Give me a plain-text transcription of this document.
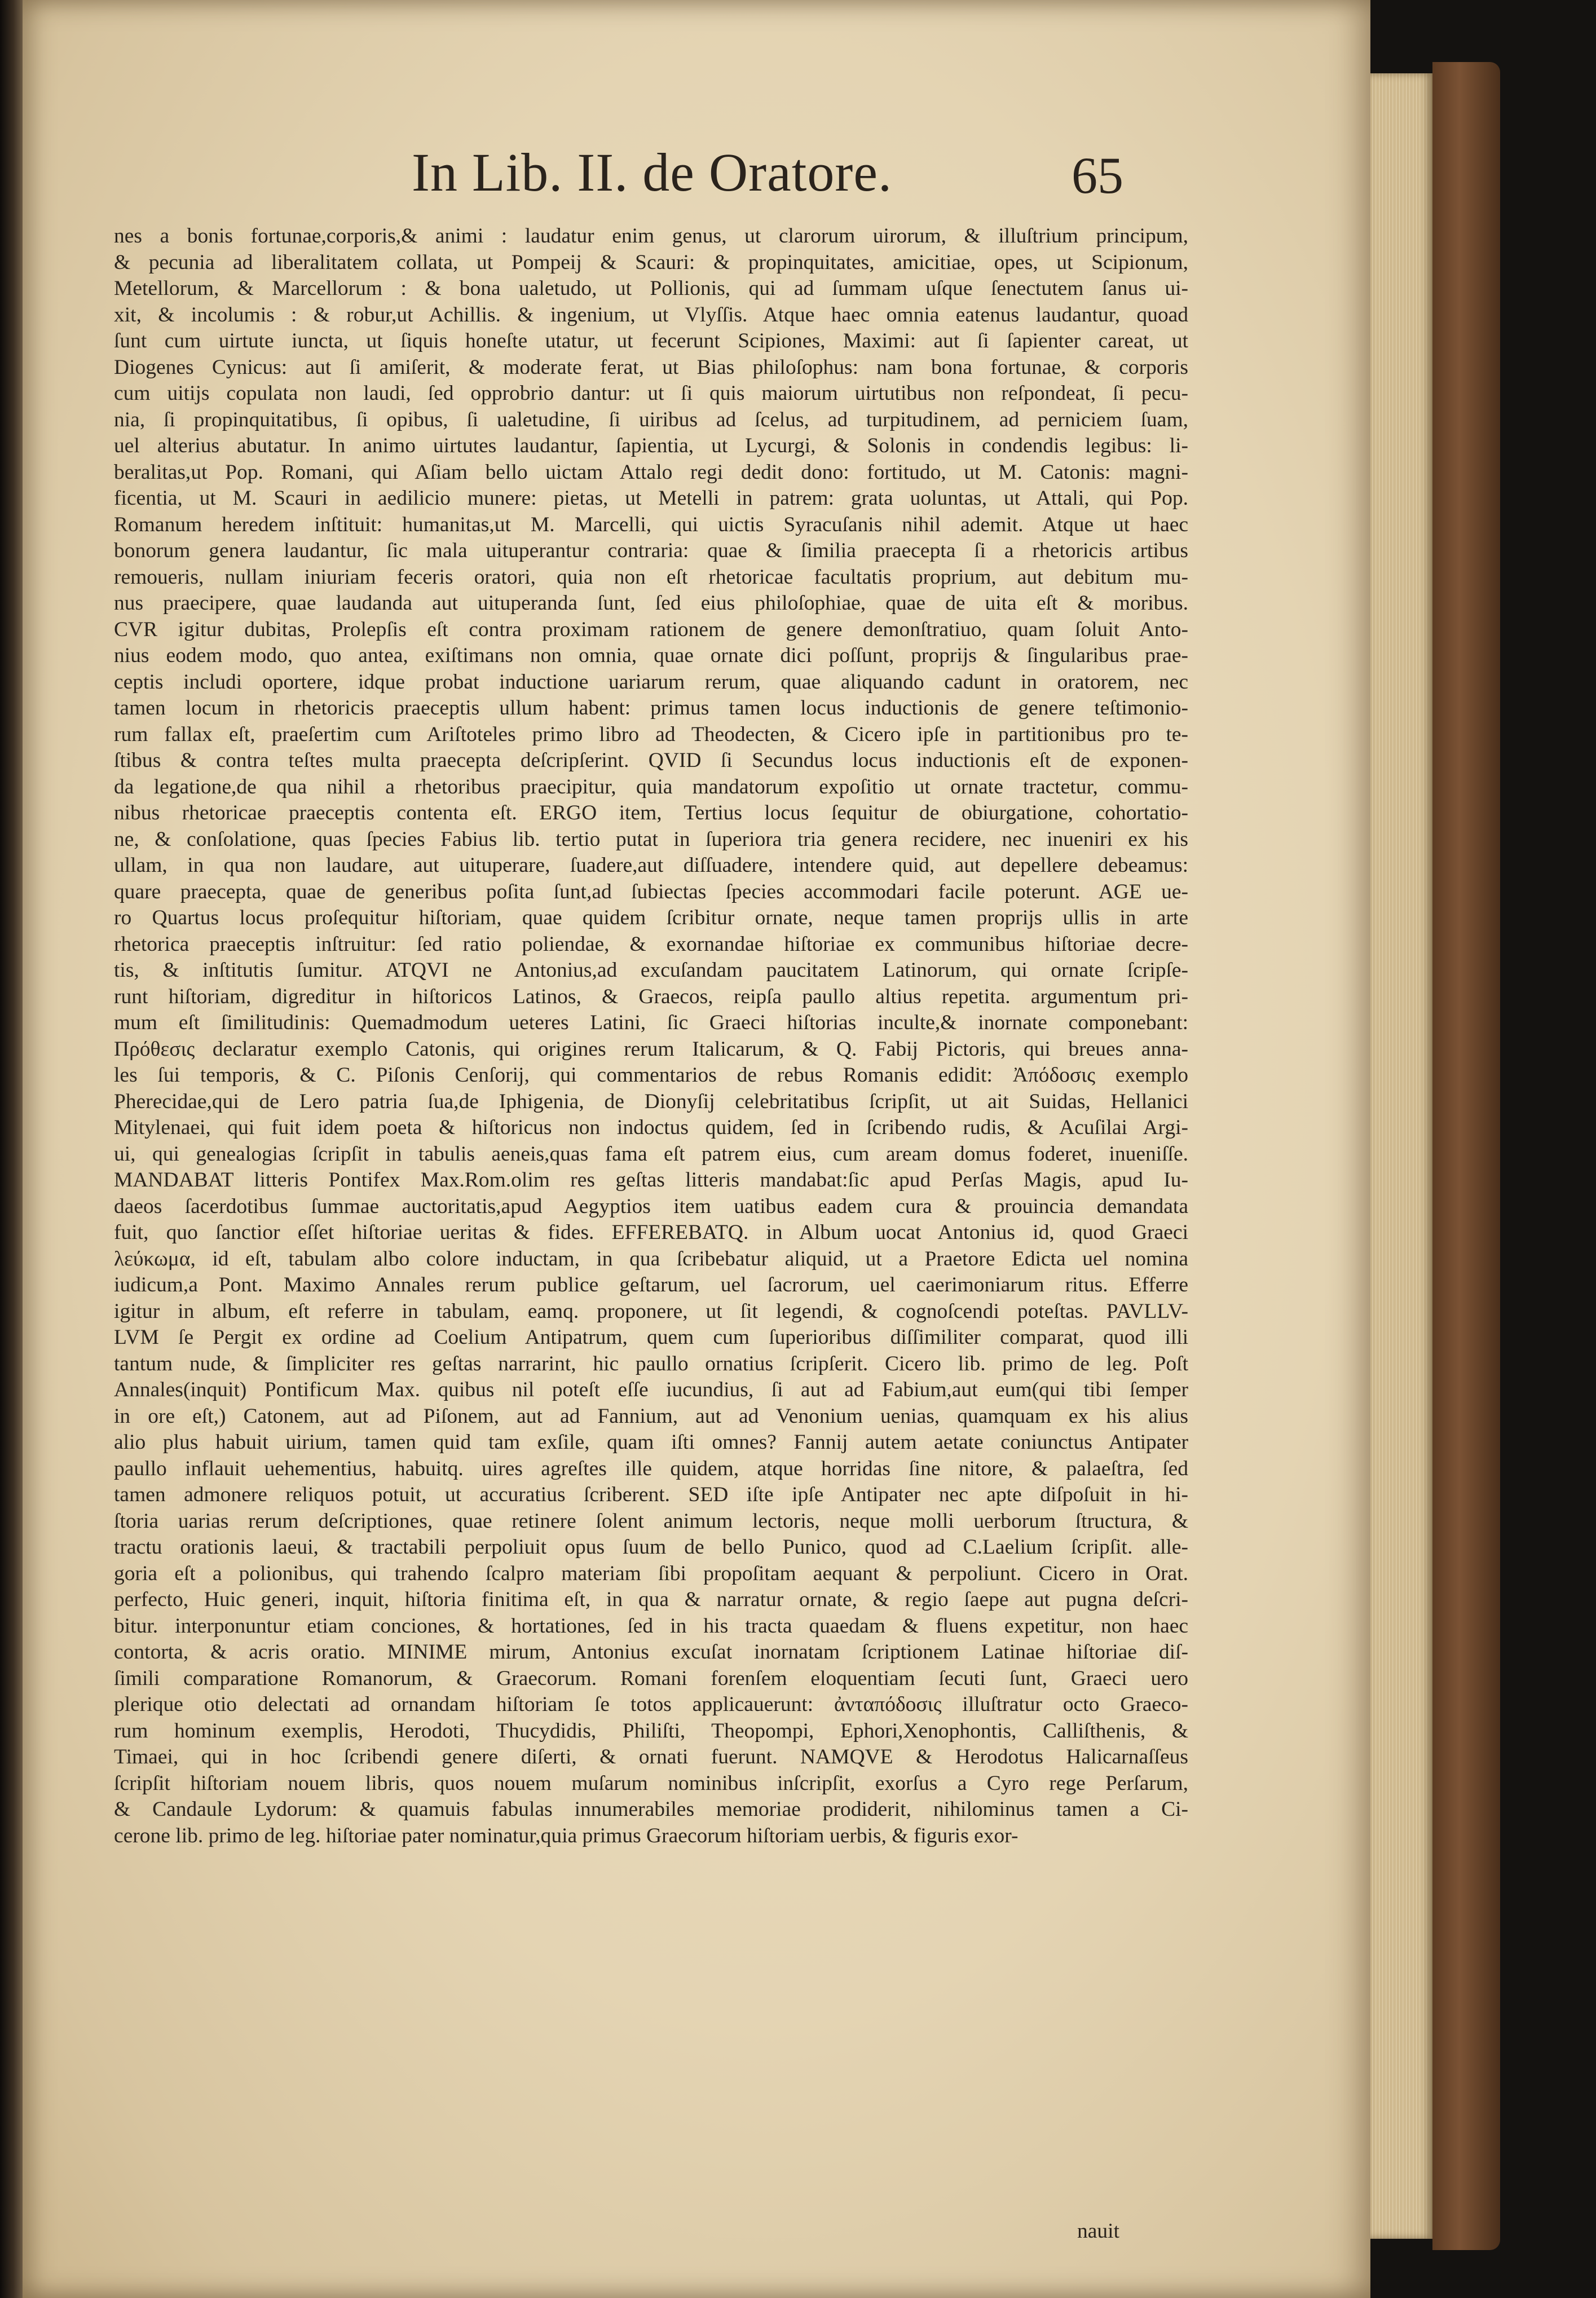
In Lib. II. de Oratore.	65
nes a bonis fortunae,corporis,& animi : laudatur enim genus, ut clarorum uirorum, & illuſtrium principum,
& pecunia ad liberalitatem collata, ut Pompeij & Scauri: & propinquitates, amicitiae, opes, ut Scipionum,
Metellorum, & Marcellorum : & bona ualetudo, ut Pollionis, qui ad ſummam uſque ſenectutem ſanus ui-
xit, & incolumis : & robur,ut Achillis. & ingenium, ut Vlyſſis. Atque haec omnia eatenus laudantur, quoad
ſunt cum uirtute iuncta, ut ſiquis honeſte utatur, ut fecerunt Scipiones, Maximi: aut ſi ſapienter careat, ut
Diogenes Cynicus: aut ſi amiſerit, & moderate ferat, ut Bias philoſophus: nam bona fortunae, & corporis
cum uitijs copulata non laudi, ſed opprobrio dantur: ut ſi quis maiorum uirtutibus non reſpondeat, ſi pecu-
nia, ſi propinquitatibus, ſi opibus, ſi ualetudine, ſi uiribus ad ſcelus, ad turpitudinem, ad perniciem ſuam,
uel alterius abutatur. In animo uirtutes laudantur, ſapientia, ut Lycurgi, & Solonis in condendis legibus: li-
beralitas,ut Pop. Romani, qui Aſiam bello uictam Attalo regi dedit dono: fortitudo, ut M. Catonis: magni-
ficentia, ut M. Scauri in aedilicio munere: pietas, ut Metelli in patrem: grata uoluntas, ut Attali, qui Pop.
Romanum heredem inſtituit: humanitas,ut M. Marcelli, qui uictis Syracuſanis nihil ademit. Atque ut haec
bonorum genera laudantur, ſic mala uituperantur contraria: quae & ſimilia praecepta ſi a rhetoricis artibus
remoueris, nullam iniuriam feceris oratori, quia non eſt rhetoricae facultatis proprium, aut debitum mu-
nus praecipere, quae laudanda aut uituperanda ſunt, ſed eius philoſophiae, quae de uita eſt & moribus.
CVR igitur dubitas, Prolepſis eſt contra proximam rationem de genere demonſtratiuo, quam ſoluit Anto-
nius eodem modo, quo antea, exiſtimans non omnia, quae ornate dici poſſunt, proprijs & ſingularibus prae-
ceptis includi oportere, idque probat inductione uariarum rerum, quae aliquando cadunt in oratorem, nec
tamen locum in rhetoricis praeceptis ullum habent: primus tamen locus inductionis de genere teſtimonio-
rum fallax eſt, praeſertim cum Ariſtoteles primo libro ad Theodecten, & Cicero ipſe in partitionibus pro te-
ſtibus & contra teſtes multa praecepta deſcripſerint. QVID ſi Secundus locus inductionis eſt de exponen-
da legatione,de qua nihil a rhetoribus praecipitur, quia mandatorum expoſitio ut ornate tractetur, commu-
nibus rhetoricae praeceptis contenta eſt. ERGO item, Tertius locus ſequitur de obiurgatione, cohortatio-
ne, & conſolatione, quas ſpecies Fabius lib. tertio putat in ſuperiora tria genera recidere, nec inueniri ex his
ullam, in qua non laudare, aut uituperare, ſuadere,aut diſſuadere, intendere quid, aut depellere debeamus:
quare praecepta, quae de generibus poſita ſunt,ad ſubiectas ſpecies accommodari facile poterunt. AGE ue-
ro Quartus locus proſequitur hiſtoriam, quae quidem ſcribitur ornate, neque tamen proprijs ullis in arte
rhetorica praeceptis inſtruitur: ſed ratio poliendae, & exornandae hiſtoriae ex communibus hiſtoriae decre-
tis, & inſtitutis ſumitur. ATQVI ne Antonius,ad excuſandam paucitatem Latinorum, qui ornate ſcripſe-
runt hiſtoriam, digreditur in hiſtoricos Latinos, & Graecos, reipſa paullo altius repetita. argumentum pri-
mum eſt ſimilitudinis: Quemadmodum ueteres Latini, ſic Graeci hiſtorias inculte,& inornate componebant:
Πρόθεσις declaratur exemplo Catonis, qui origines rerum Italicarum, & Q. Fabij Pictoris, qui breues anna-
les ſui temporis, & C. Piſonis Cenſorij, qui commentarios de rebus Romanis edidit: Ἀπόδοσις exemplo
Pherecidae,qui de Lero patria ſua,de Iphigenia, de Dionyſij celebritatibus ſcripſit, ut ait Suidas, Hellanici
Mitylenaei, qui fuit idem poeta & hiſtoricus non indoctus quidem, ſed in ſcribendo rudis, & Acuſilai Argi-
ui, qui genealogias ſcripſit in tabulis aeneis,quas fama eſt patrem eius, cum aream domus foderet, inueniſſe.
MANDABAT litteris Pontifex Max.Rom.olim res geſtas litteris mandabat:ſic apud Perſas Magis, apud Iu-
daeos ſacerdotibus ſummae auctoritatis,apud Aegyptios item uatibus eadem cura & prouincia demandata
fuit, quo ſanctior eſſet hiſtoriae ueritas & fides. EFFEREBATQ. in Album uocat Antonius id, quod Graeci
λεύκωμα, id eſt, tabulam albo colore inductam, in qua ſcribebatur aliquid, ut a Praetore Edicta uel nomina
iudicum,a Pont. Maximo Annales rerum publice geſtarum, uel ſacrorum, uel caerimoniarum ritus. Efferre
igitur in album, eſt referre in tabulam, eamq. proponere, ut ſit legendi, & cognoſcendi poteſtas. PAVLLV-
LVM ſe Pergit ex ordine ad Coelium Antipatrum, quem cum ſuperioribus diſſimiliter comparat, quod illi
tantum nude, & ſimpliciter res geſtas narrarint, hic paullo ornatius ſcripſerit. Cicero lib. primo de leg. Poſt
Annales(inquit) Pontificum Max. quibus nil poteſt eſſe iucundius, ſi aut ad Fabium,aut eum(qui tibi ſemper
in ore eſt,) Catonem, aut ad Piſonem, aut ad Fannium, aut ad Venonium uenias, quamquam ex his alius
alio plus habuit uirium, tamen quid tam exſile, quam iſti omnes? Fannij autem aetate coniunctus Antipater
paullo inflauit uehementius, habuitq. uires agreſtes ille quidem, atque horridas ſine nitore, & palaeſtra, ſed
tamen admonere reliquos potuit, ut accuratius ſcriberent. SED iſte ipſe Antipater nec apte diſpoſuit in hi-
ſtoria uarias rerum deſcriptiones, quae retinere ſolent animum lectoris, neque molli uerborum ſtructura, &
tractu orationis laeui, & tractabili perpoliuit opus ſuum de bello Punico, quod ad C.Laelium ſcripſit. alle-
goria eſt a polionibus, qui trahendo ſcalpro materiam ſibi propoſitam aequant & perpoliunt. Cicero in Orat.
perfecto, Huic generi, inquit, hiſtoria finitima eſt, in qua & narratur ornate, & regio ſaepe aut pugna deſcri-
bitur. interponuntur etiam conciones, & hortationes, ſed in his tracta quaedam & fluens expetitur, non haec
contorta, & acris oratio. MINIME mirum, Antonius excuſat inornatam ſcriptionem Latinae hiſtoriae diſ-
ſimili comparatione Romanorum, & Graecorum. Romani forenſem eloquentiam ſecuti ſunt, Graeci uero
plerique otio delectati ad ornandam hiſtoriam ſe totos applicauerunt: ἀνταπόδοσις illuſtratur octo Graeco-
rum hominum exemplis, Herodoti, Thucydidis, Philiſti, Theopompi, Ephori,Xenophontis, Calliſthenis, &
Timaei, qui in hoc ſcribendi genere diſerti, & ornati fuerunt. NAMQVE & Herodotus Halicarnaſſeus
ſcripſit hiſtoriam nouem libris, quos nouem muſarum nominibus inſcripſit, exorſus a Cyro rege Perſarum,
& Candaule Lydorum: & quamuis fabulas innumerabiles memoriae prodiderit, nihilominus tamen a Ci-
cerone lib. primo de leg. hiſtoriae pater nominatur,quia primus Graecorum hiſtoriam uerbis, & figuris exor-
nauit
